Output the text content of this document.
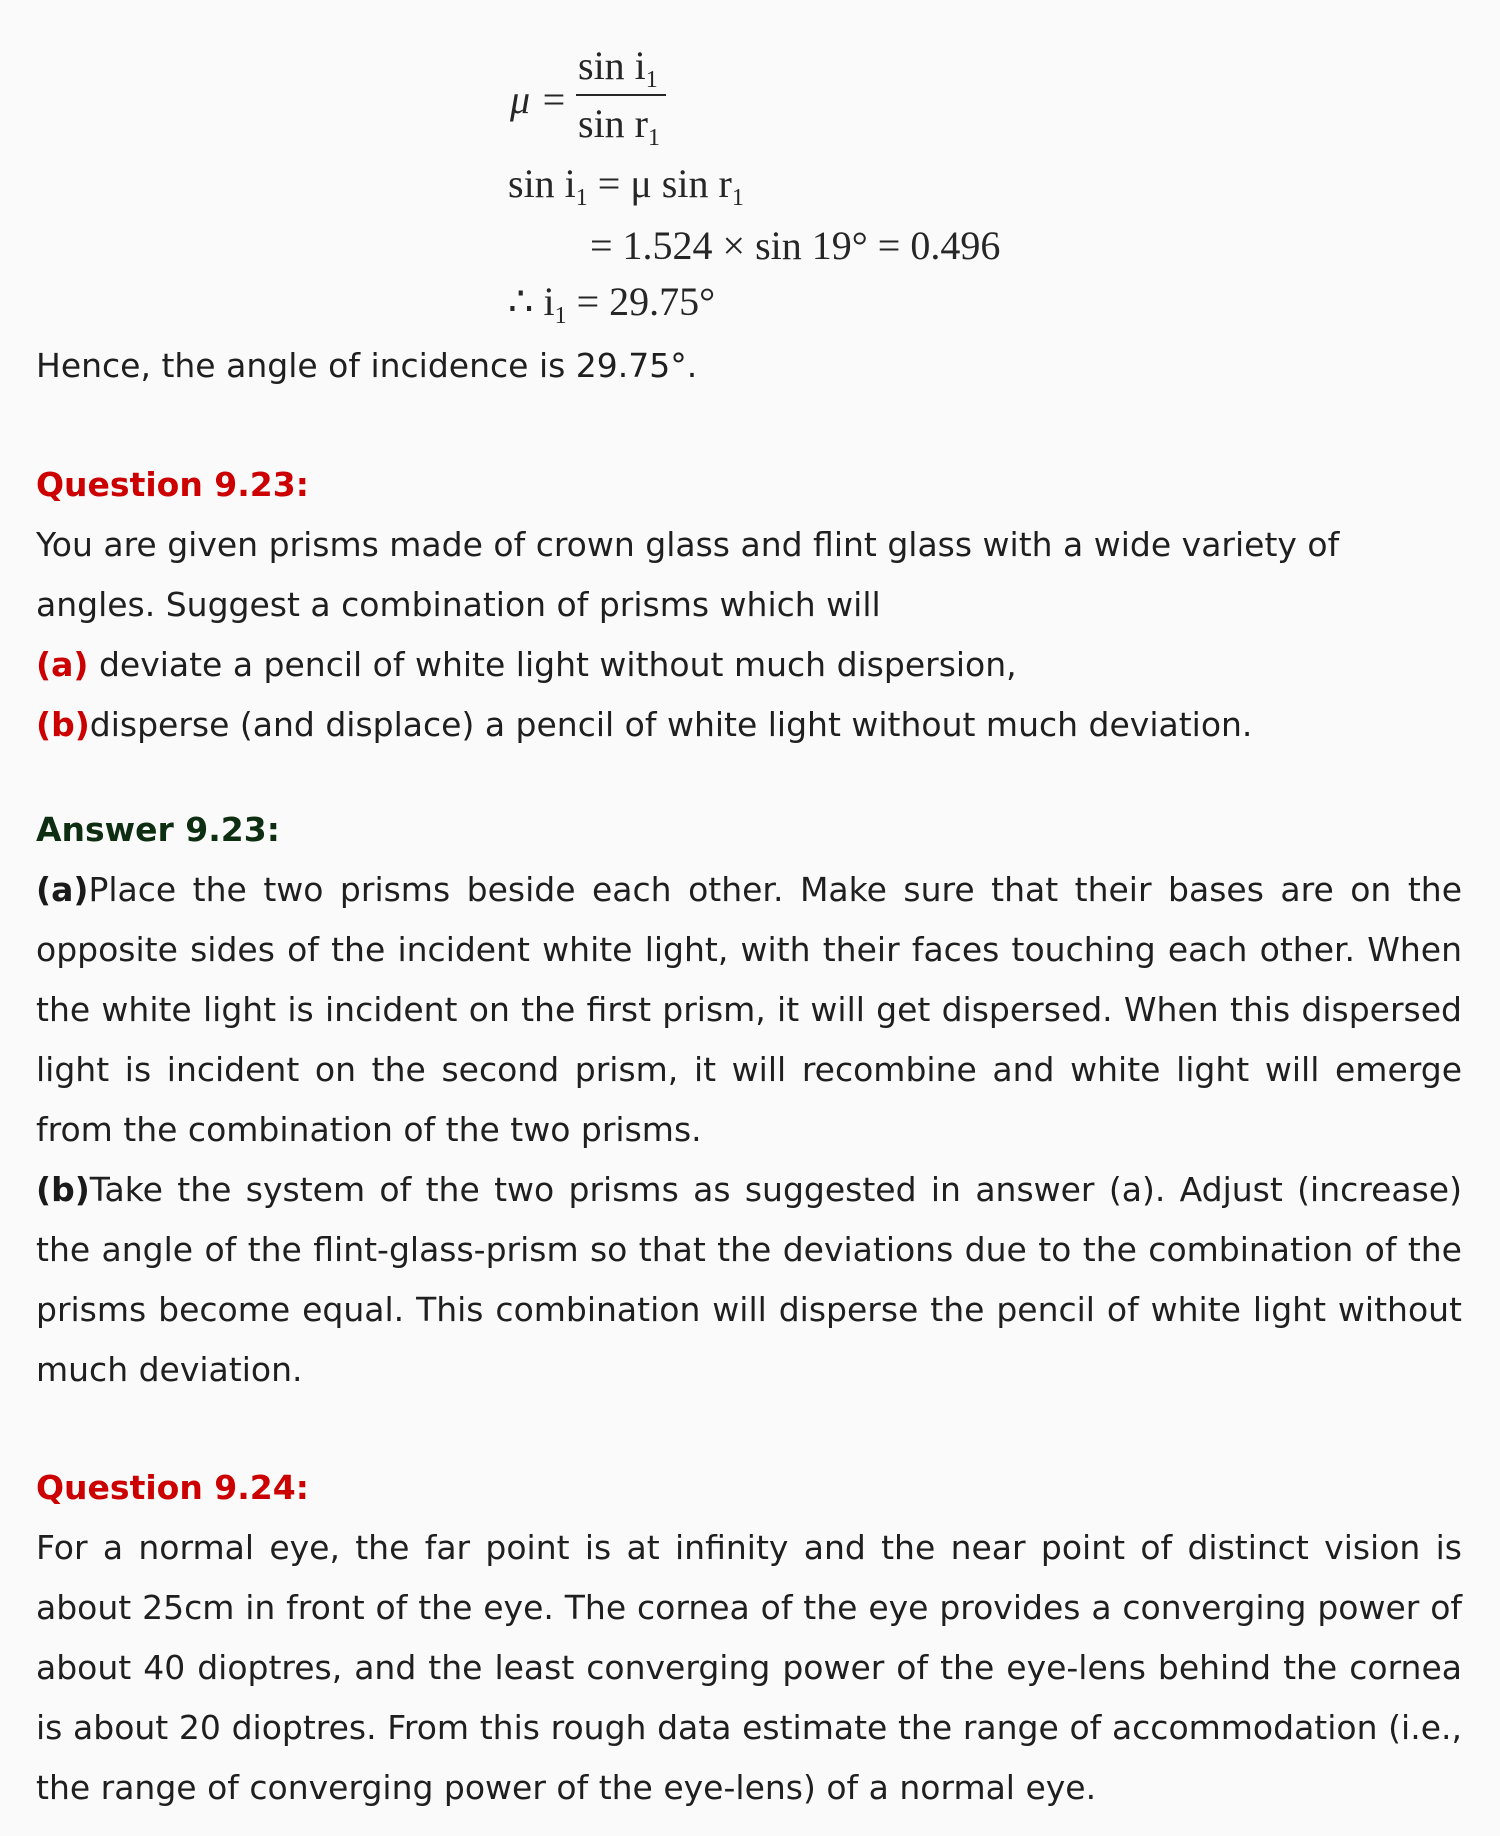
μ =
$\sin i_1$
$\sin r_1$
$\sin i_1 = \mu$ $\sin r_1$
= 1.524 × sin 19° = 0.496
∴ $i_1 = 29.75^\circ$
Hence, the angle of incidence is 29.75°.
Question 9.23:
You are given prisms made of crown glass and flint glass with a wide variety of angles. Suggest a combination of prisms which will
(a) deviate a pencil of white light without much dispersion,
(b)disperse (and displace) a pencil of white light without much deviation.
Answer 9.23:
(a)Place the two prisms beside each other. Make sure that their bases are on the opposite sides of the incident white light, with their faces touching each other. When the white light is incident on the first prism, it will get dispersed. When this dispersed light is incident on the second prism, it will recombine and white light will emerge from the combination of the two prisms.
(b)Take the system of the two prisms as suggested in answer (a). Adjust (increase) the angle of the flint-glass-prism so that the deviations due to the combination of the prisms become equal. This combination will disperse the pencil of white light without much deviation.
Question 9.24:
For a normal eye, the far point is at infinity and the near point of distinct vision is about 25cm in front of the eye. The cornea of the eye provides a converging power of about 40 dioptres, and the least converging power of the eye-lens behind the cornea is about 20 dioptres. From this rough data estimate the range of accommodation (i.e., the range of converging power of the eye-lens) of a normal eye.
